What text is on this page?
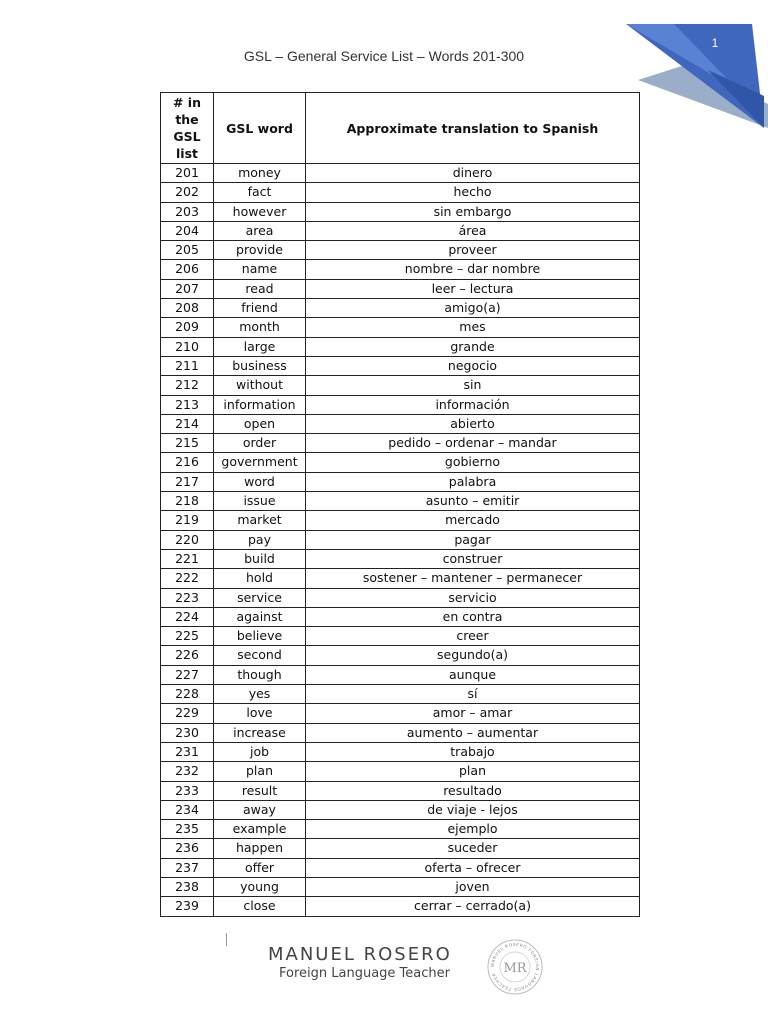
1
GSL – General Service List – Words 201-300
# in the GSL list	GSL word	Approximate translation to Spanish
201	money	dinero
202	fact	hecho
203	however	sin embargo
204	area	área
205	provide	proveer
206	name	nombre – dar nombre
207	read	leer – lectura
208	friend	amigo(a)
209	month	mes
210	large	grande
211	business	negocio
212	without	sin
213	information	información
214	open	abierto
215	order	pedido – ordenar – mandar
216	government	gobierno
217	word	palabra
218	issue	asunto – emitir
219	market	mercado
220	pay	pagar
221	build	construer
222	hold	sostener – mantener – permanecer
223	service	servicio
224	against	en contra
225	believe	creer
226	second	segundo(a)
227	though	aunque
228	yes	sí
229	love	amor – amar
230	increase	aumento – aumentar
231	job	trabajo
232	plan	plan
233	result	resultado
234	away	de viaje - lejos
235	example	ejemplo
236	happen	suceder
237	offer	oferta – ofrecer
238	young	joven
239	close	cerrar – cerrado(a)
MANUEL ROSERO
Foreign Language Teacher
MANUEL ROSERO FOREIGN LANGUAGE TEACHER MR
